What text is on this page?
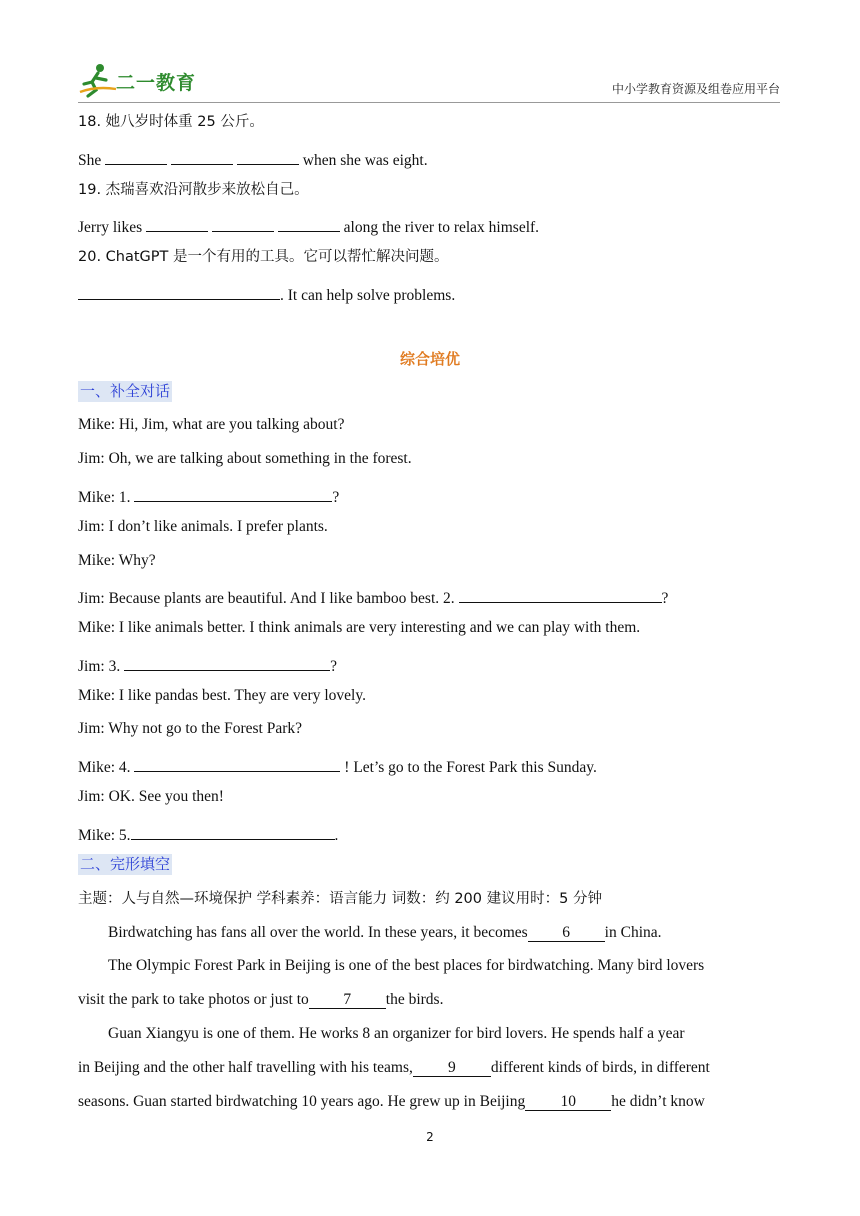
二一教育	中小学教育资源及组卷应用平台
18. 她八岁时体重 25 公斤。
She	when she was eight.
19. 杰瑞喜欢沿河散步来放松自己。
Jerry likes	along the river to relax himself.
20. ChatGPT 是一个有用的工具。它可以帮忙解决问题。
. It can help solve problems.
综合培优
一、补全对话
Mike: Hi, Jim, what are you talking about?
Jim: Oh, we are talking about something in the forest.
Mike: 1.	?
Jim: I don’t like animals. I prefer plants.
Mike: Why?
Jim: Because plants are beautiful. And I like bamboo best. 2.	?
Mike: I like animals better. I think animals are very interesting and we can play with them.
Jim: 3.	?
Mike: I like pandas best. They are very lovely.
Jim: Why not go to the Forest Park?
Mike: 4.	! Let’s go to the Forest Park this Sunday.
Jim: OK. See you then!
Mike: 5.	.
二、完形填空
主题：人与自然—环境保护 学科素养：语言能力 词数：约 200 建议用时：5 分钟
Birdwatching has fans all over the world. In these years, it becomes 6 in China.
The Olympic Forest Park in Beijing is one of the best places for birdwatching. Many bird lovers
visit the park to take photos or just to 7 the birds.
Guan Xiangyu is one of them. He works 8 an organizer for bird lovers. He spends half a year
in Beijing and the other half travelling with his teams, 9 different kinds of birds, in different
seasons. Guan started birdwatching 10 years ago. He grew up in Beijing 10 he didn’t know
2
